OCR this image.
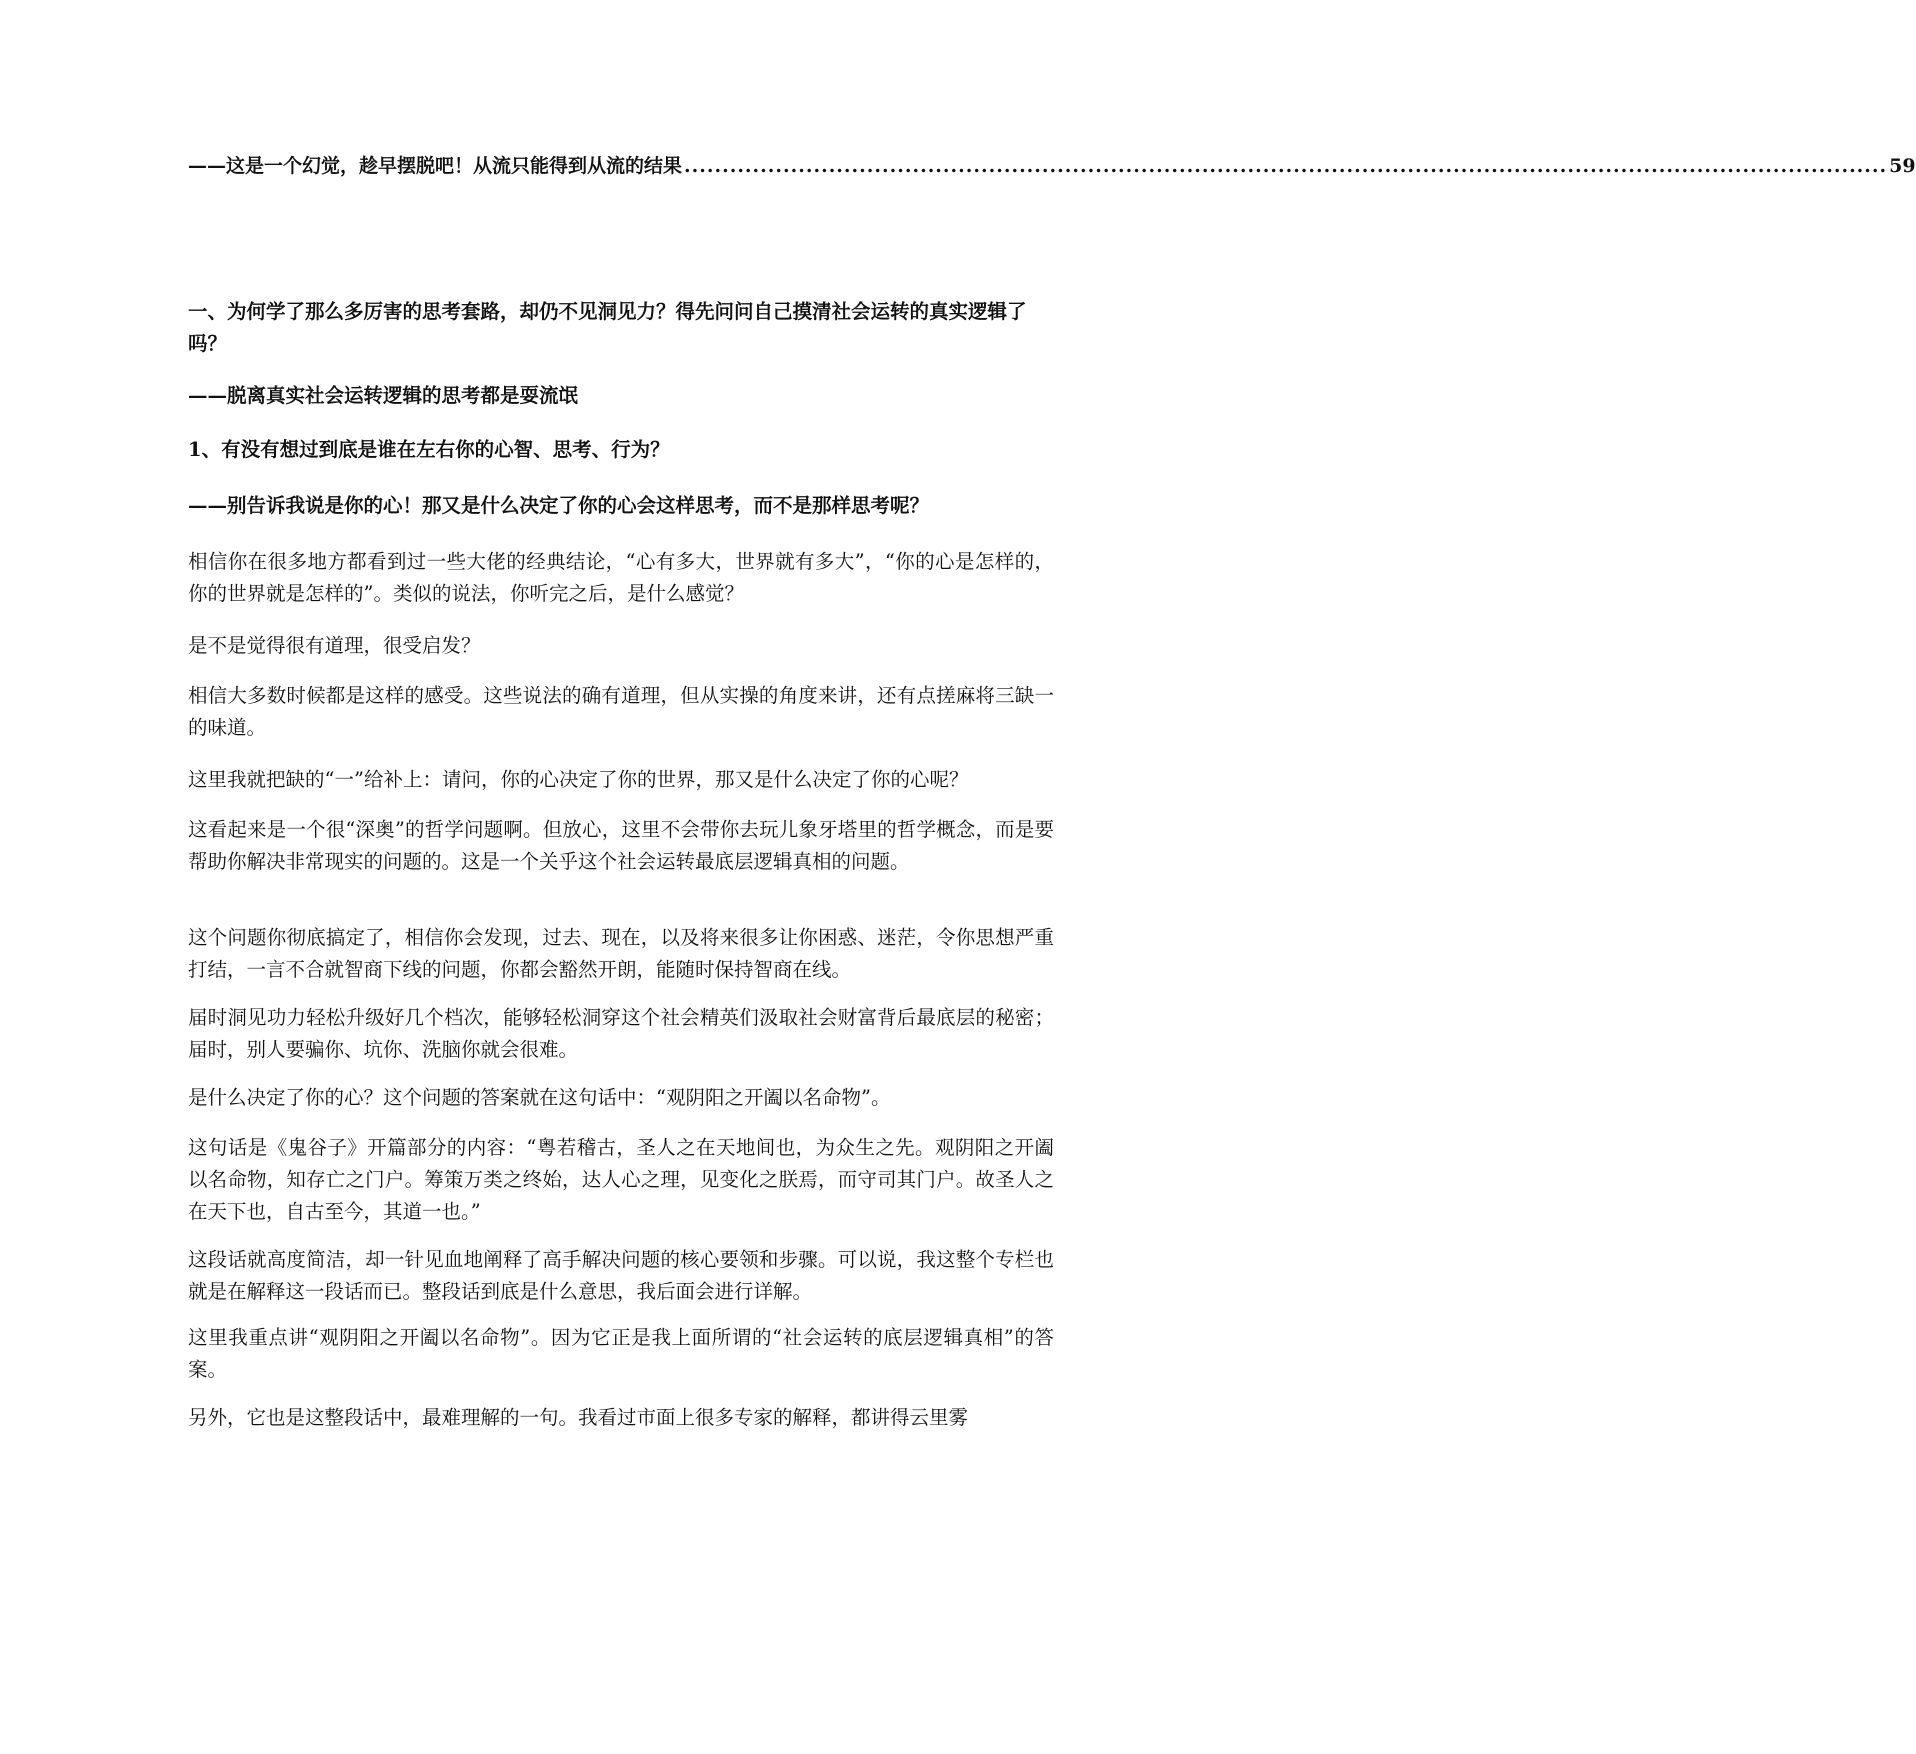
——这是一个幻觉，趁早摆脱吧！从流只能得到从流的结果 .............................................................................................................................................................. 59

一、为何学了那么多厉害的思考套路，却仍不见洞见力？得先问问自己摸清社会运转的真实逻辑了吗？

——脱离真实社会运转逻辑的思考都是耍流氓

1、有没有想过到底是谁在左右你的心智、思考、行为？

——别告诉我说是你的心！那又是什么决定了你的心会这样思考，而不是那样思考呢？

相信你在很多地方都看到过一些大佬的经典结论，“心有多大，世界就有多大”，“你的心是怎样的，你的世界就是怎样的”。类似的说法，你听完之后，是什么感觉？

是不是觉得很有道理，很受启发？

相信大多数时候都是这样的感受。这些说法的确有道理，但从实操的角度来讲，还有点搓麻将三缺一的味道。

这里我就把缺的“一”给补上：请问，你的心决定了你的世界，那又是什么决定了你的心呢？

这看起来是一个很“深奥”的哲学问题啊。但放心，这里不会带你去玩儿象牙塔里的哲学概念，而是要帮助你解决非常现实的问题的。这是一个关乎这个社会运转最底层逻辑真相的问题。

这个问题你彻底搞定了，相信你会发现，过去、现在，以及将来很多让你困惑、迷茫，令你思想严重打结，一言不合就智商下线的问题，你都会豁然开朗，能随时保持智商在线。

届时洞见功力轻松升级好几个档次，能够轻松洞穿这个社会精英们汲取社会财富背后最底层的秘密；届时，别人要骗你、坑你、洗脑你就会很难。

是什么决定了你的心？这个问题的答案就在这句话中：“观阴阳之开阖以名命物”。

这句话是《鬼谷子》开篇部分的内容：“粤若稽古，圣人之在天地间也，为众生之先。观阴阳之开阖以名命物，知存亡之门户。筹策万类之终始，达人心之理，见变化之朕焉，而守司其门户。故圣人之在天下也，自古至今，其道一也。”

这段话就高度简洁，却一针见血地阐释了高手解决问题的核心要领和步骤。可以说，我这整个专栏也就是在解释这一段话而已。整段话到底是什么意思，我后面会进行详解。

这里我重点讲“观阴阳之开阖以名命物”。因为它正是我上面所谓的“社会运转的底层逻辑真相”的答案。

另外，它也是这整段话中，最难理解的一句。我看过市面上很多专家的解释，都讲得云里雾
